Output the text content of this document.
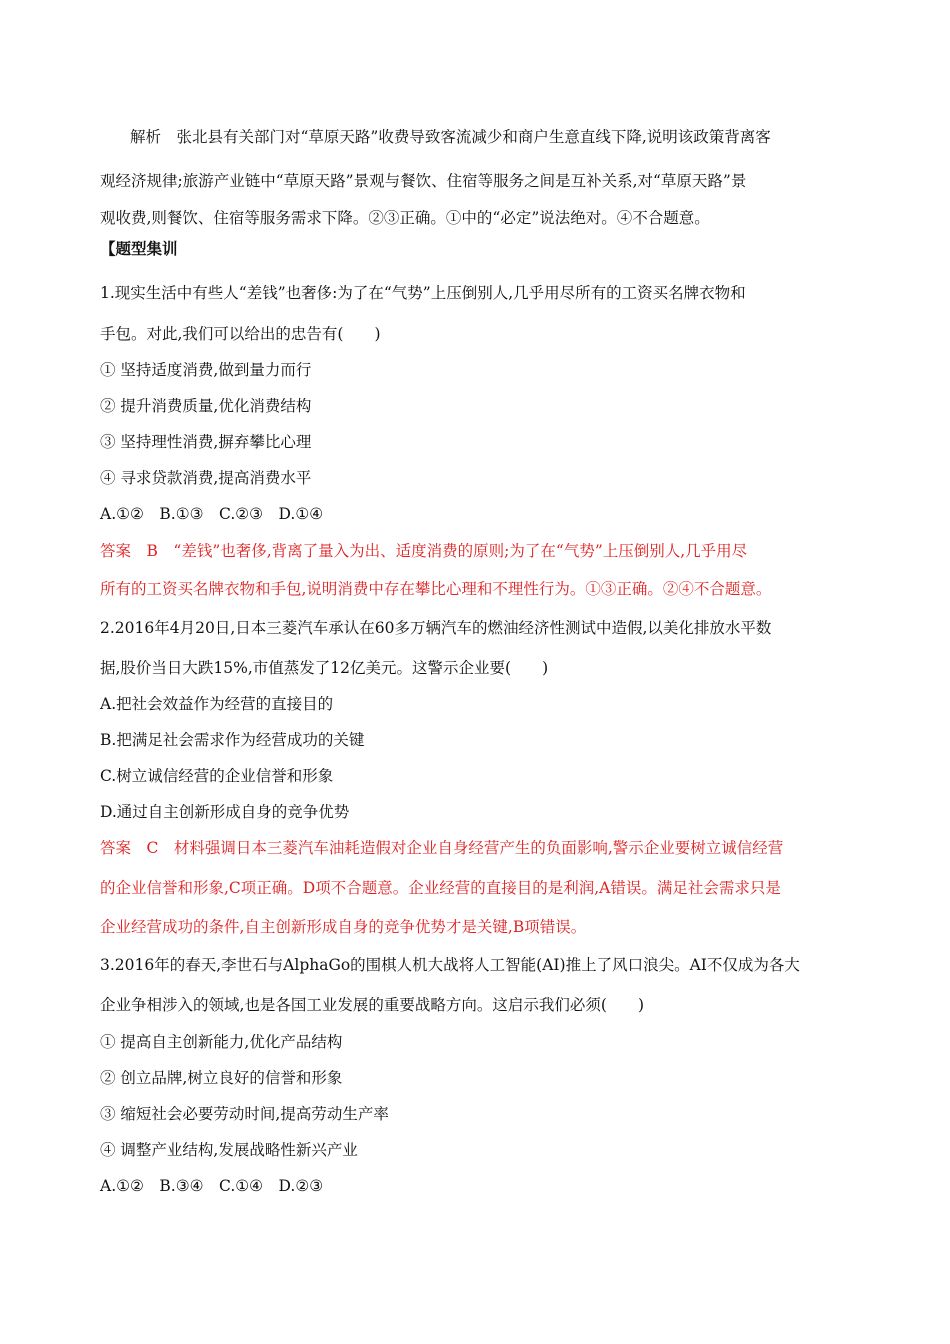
解析　张北县有关部门对“草原天路”收费导致客流减少和商户生意直线下降,说明该政策背离客
观经济规律;旅游产业链中“草原天路”景观与餐饮、住宿等服务之间是互补关系,对“草原天路”景
观收费,则餐饮、住宿等服务需求下降。②③正确。①中的“必定”说法绝对。④不合题意。
【题型集训
1.现实生活中有些人“差钱”也奢侈:为了在“气势”上压倒别人,几乎用尽所有的工资买名牌衣物和
手包。对此,我们可以给出的忠告有(　　)
① 坚持适度消费,做到量力而行
② 提升消费质量,优化消费结构
③ 坚持理性消费,摒弃攀比心理
④ 寻求贷款消费,提高消费水平
A.①②　B.①③　C.②③　D.①④
答案　B　“差钱”也奢侈,背离了量入为出、适度消费的原则;为了在“气势”上压倒别人,几乎用尽
所有的工资买名牌衣物和手包,说明消费中存在攀比心理和不理性行为。①③正确。②④不合题意。
2.2016年4月20日,日本三菱汽车承认在60多万辆汽车的燃油经济性测试中造假,以美化排放水平数
据,股价当日大跌15%,市值蒸发了12亿美元。这警示企业要(　　)
A.把社会效益作为经营的直接目的
B.把满足社会需求作为经营成功的关键
C.树立诚信经营的企业信誉和形象
D.通过自主创新形成自身的竞争优势
答案　C　材料强调日本三菱汽车油耗造假对企业自身经营产生的负面影响,警示企业要树立诚信经营
的企业信誉和形象,C项正确。D项不合题意。企业经营的直接目的是利润,A错误。满足社会需求只是
企业经营成功的条件,自主创新形成自身的竞争优势才是关键,B项错误。
3.2016年的春天,李世石与AlphaGo的围棋人机大战将人工智能(AI)推上了风口浪尖。AI不仅成为各大
企业争相涉入的领域,也是各国工业发展的重要战略方向。这启示我们必须(　　)
① 提高自主创新能力,优化产品结构
② 创立品牌,树立良好的信誉和形象
③ 缩短社会必要劳动时间,提高劳动生产率
④ 调整产业结构,发展战略性新兴产业
A.①②　B.③④　C.①④　D.②③
